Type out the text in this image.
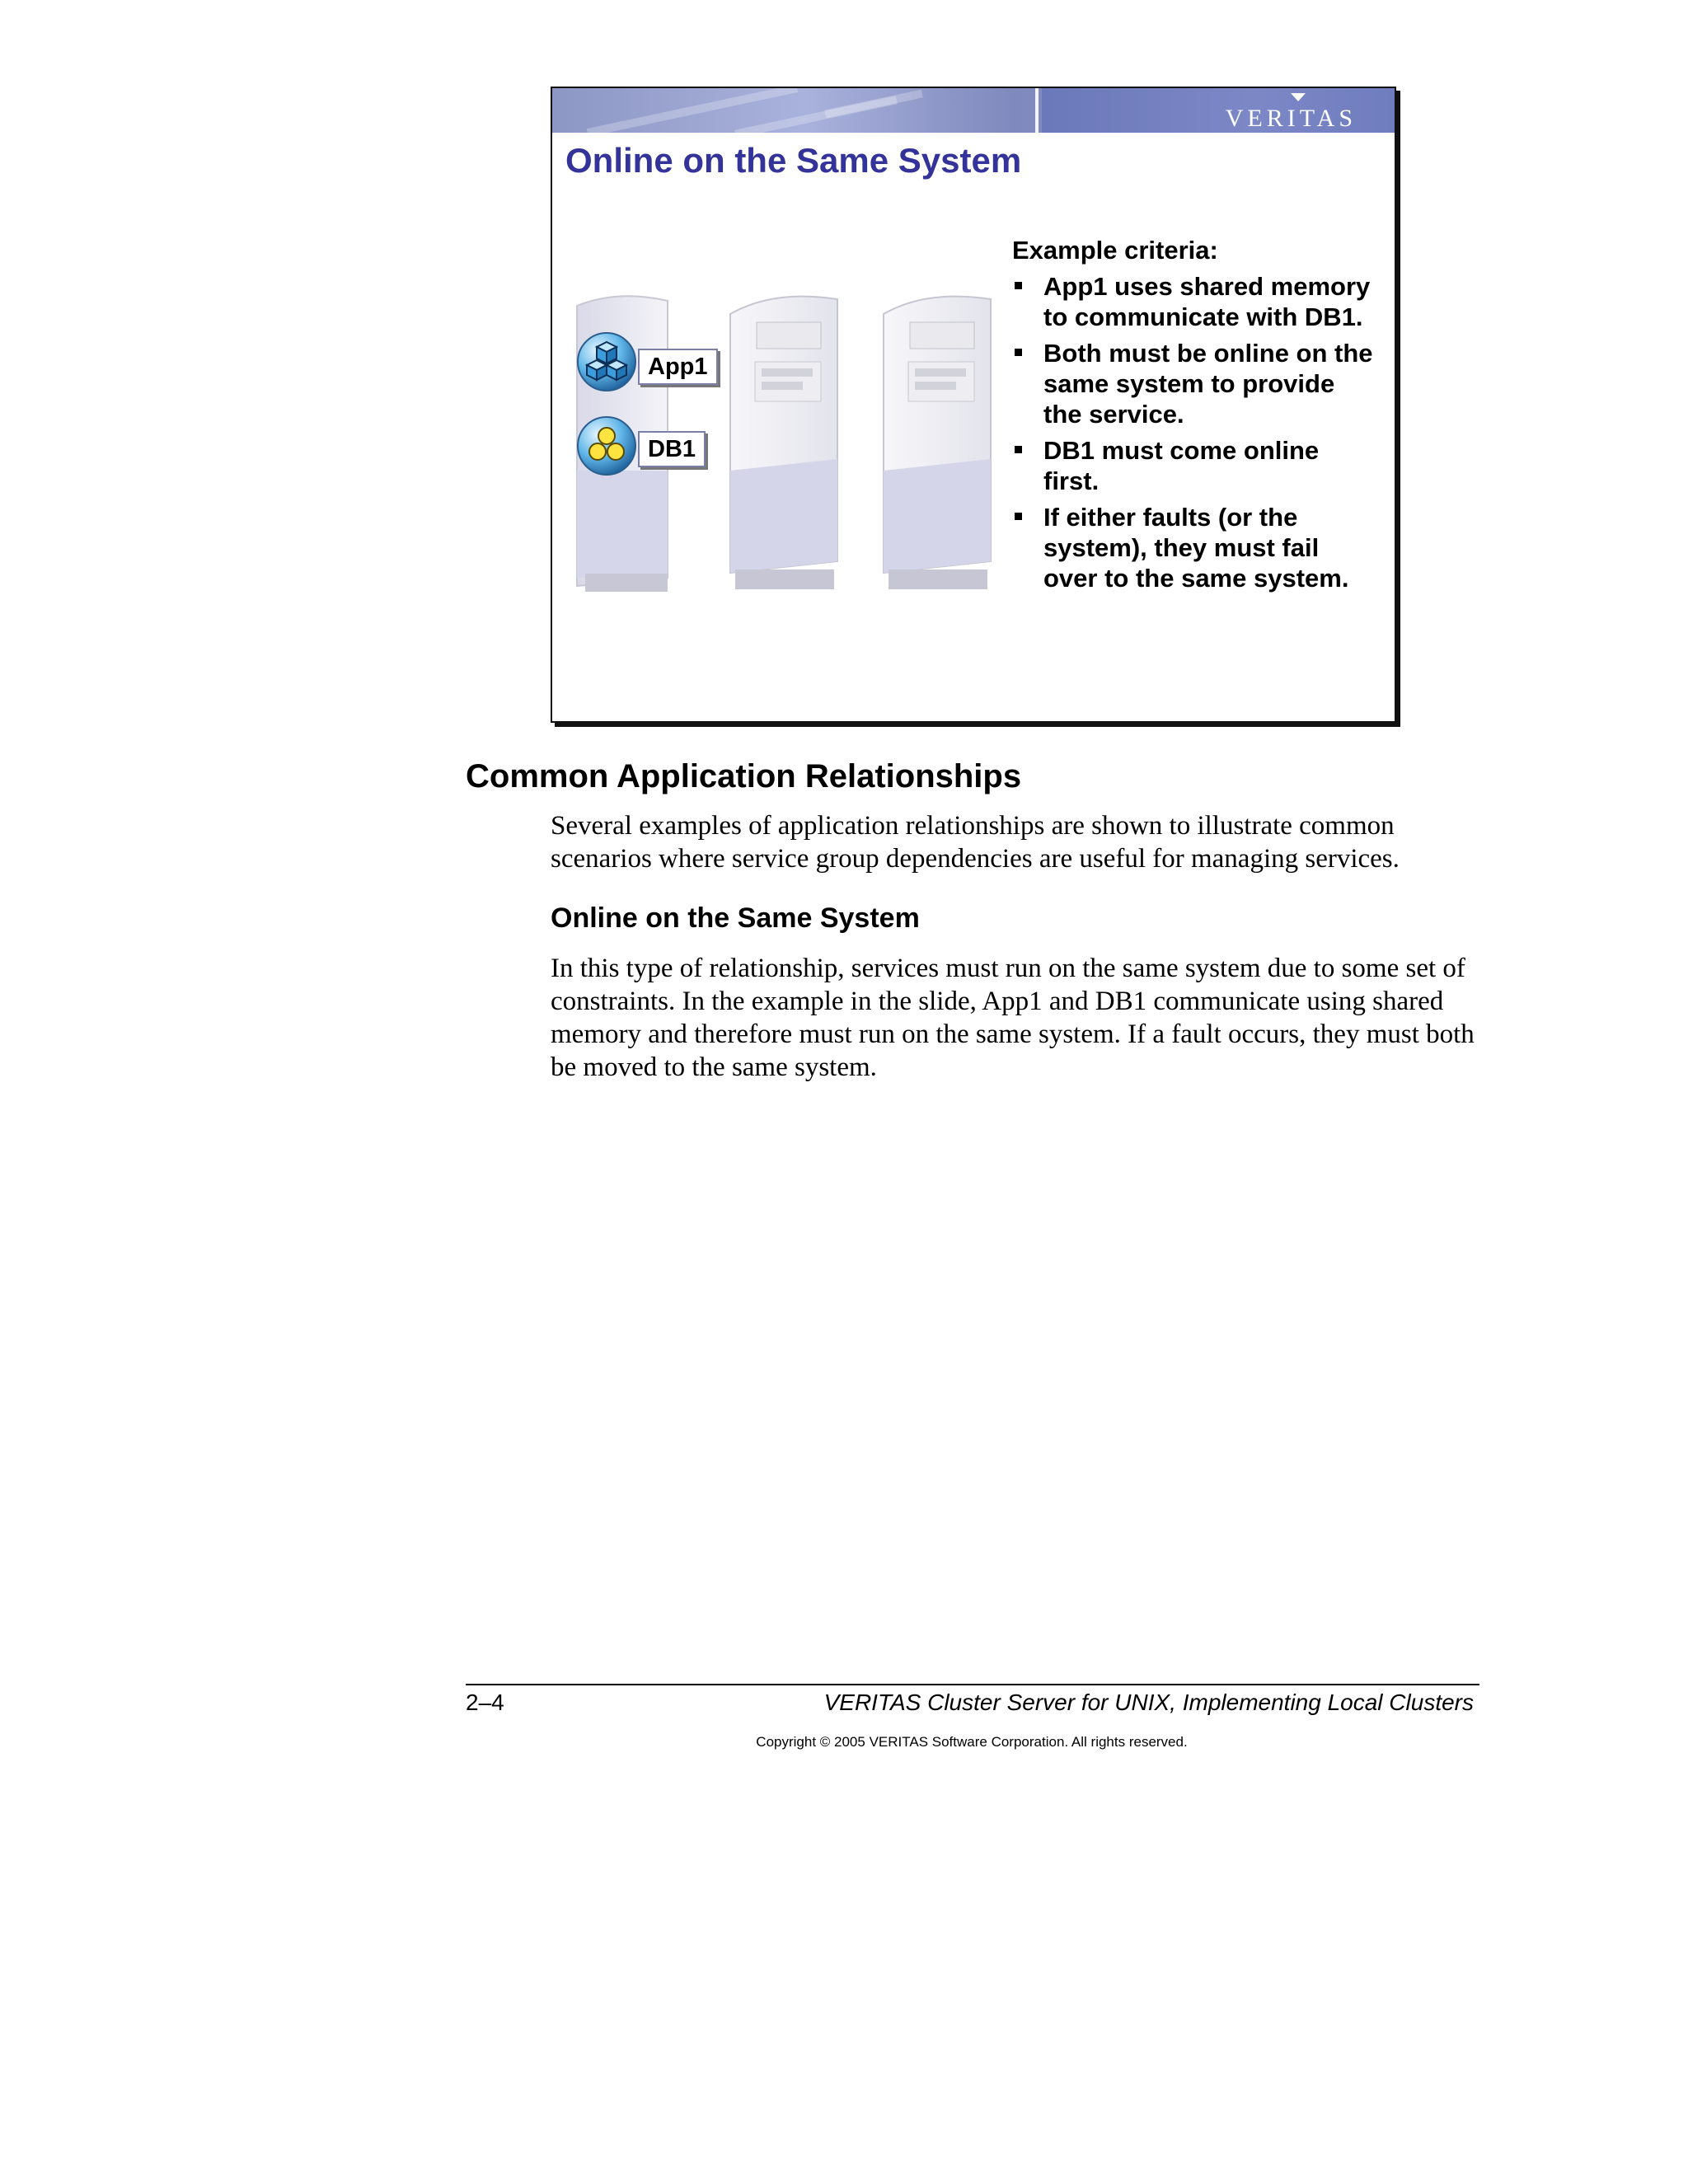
VERITAS
Online on the Same System
App1
DB1
Example criteria:
App1 uses shared memory to communicate with DB1.
Both must be online on the same system to provide the service.
DB1 must come online first.
If either faults (or the system), they must fail over to the same system.
Common Application Relationships
Several examples of application relationships are shown to illustrate common scenarios where service group dependencies are useful for managing services.
Online on the Same System
In this type of relationship, services must run on the same system due to some set of constraints. In the example in the slide, App1 and DB1 communicate using shared memory and therefore must run on the same system. If a fault occurs, they must both be moved to the same system.
2–4	VERITAS Cluster Server for UNIX, Implementing Local Clusters
Copyright © 2005 VERITAS Software Corporation. All rights reserved.
